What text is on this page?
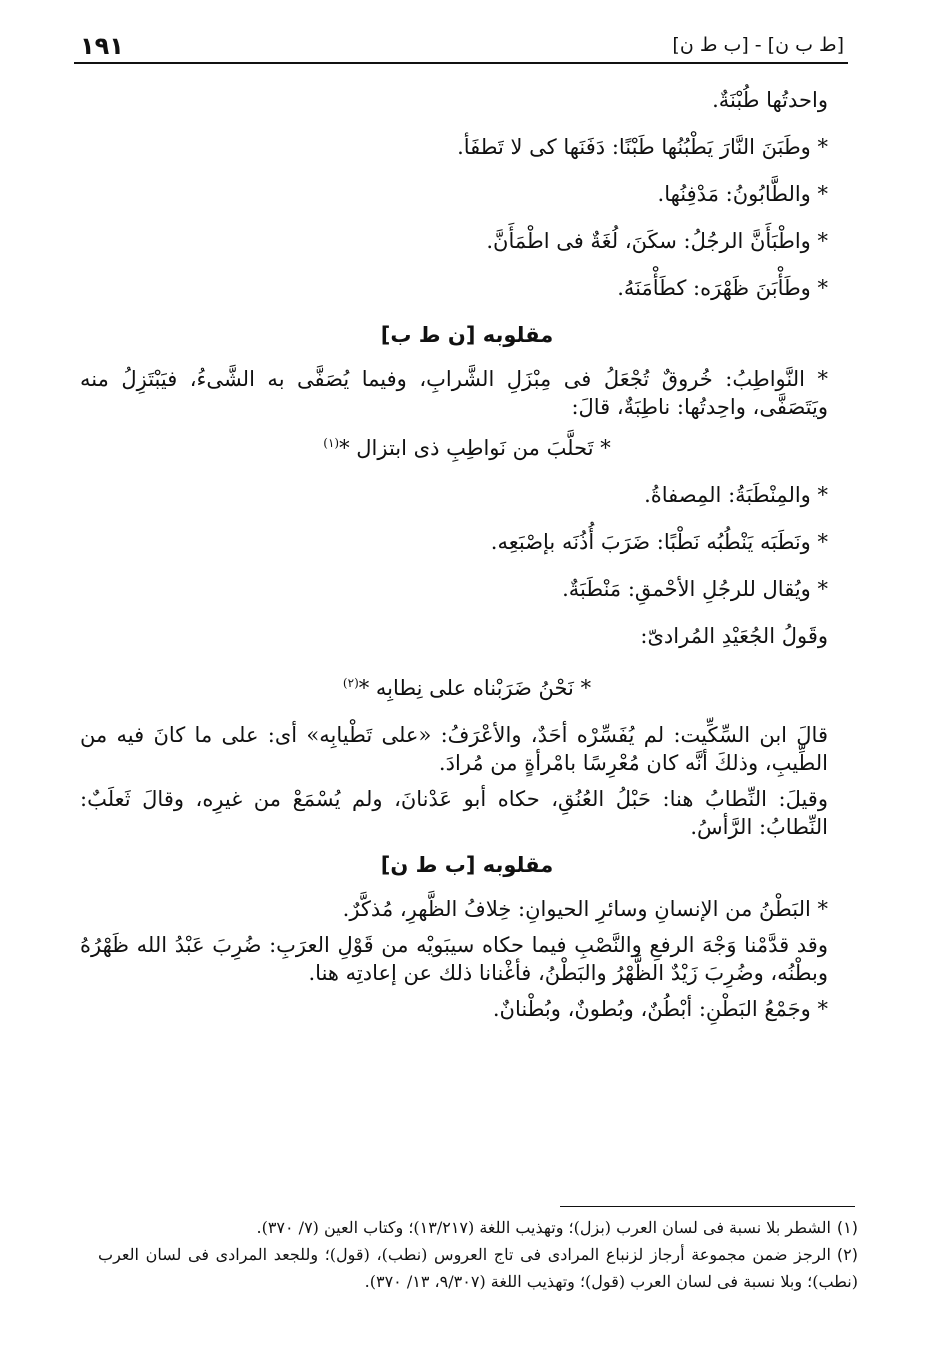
١٩١	[ط ب ن] - [ب ط ن]

واحدتُها طُبْنَةٌ.

* وطَبَنَ النَّارَ يَطْبُنُها طَبْنًا: دَفَنَها كى لا تَطفَأ.

* والطَّابُونُ: مَدْفِنُها.

* واطْبَأَنَّ الرجُلُ: سكَنَ، لُغَةٌ فى اطْمَأَنَّ.

* وطَأْبَنَ ظَهْرَه: كطَأْمَنَهُ.

مقلوبه [ن ط ب]

* النَّواطِبُ: خُروقٌ تُجْعَلُ فى مِبْزَلِ الشَّرابِ، وفيما يُصَفَّى به الشَّىءُ، فيَبْتَزِلُ منه ويَتَصَفَّى، واحِدتُها: ناطِبَةٌ، قالَ:

* تَحلَّبَ من نَواطِبِ ذى ابتزال *$^{(١)}$

* والمِنْطَبَةُ: المِصفاةُ.

* ونَطَبَه يَنْطُبُه نَطْبًا: ضَرَبَ أُذُنَه بإصْبَعِه.

* ويُقال للرجُلِ الأحْمقِ: مَنْطَبَةٌ.

وقَولُ الجُعَيْدِ المُرادىّ:

* نَحْنُ ضَرَبْناه على نِطابِه *$^{(٢)}$

قالَ ابن السِّكِّيت: لم يُفَسِّرْه أحَدٌ، والأعْرَفُ: «على تَطْيابِه» أى: على ما كانَ فيه من الطِّيبِ، وذلكَ أنَّه كان مُعْرِسًا بامْرأةٍ من مُرادَ.

وقيلَ: النِّطابُ هنا: حَبْلُ العُنُقِ، حكاه أبو عَدْنانَ، ولم يُسْمَعْ من غيرِه، وقالَ ثَعلَبٌ: النِّطابُ: الرَّأسُ.

مقلوبه [ب ط ن]

* البَطْنُ من الإنسانِ وسائرِ الحيوانِ: خِلافُ الظَّهرِ، مُذكَّرٌ.

وقد قدَّمْنا وَجْهَ الرفعِ والنَّصْبِ فيما حكاه سيبَويْه من قَوْلِ العرَبِ: ضُرِبَ عَبْدُ الله ظَهْرُهُ وبطْنُه، وضُرِبَ زَيْدٌ الظَّهْرُ والبَطْنُ، فأغْنانا ذلك عن إعادتِه هنا.

* وجَمْعُ البَطْنِ: أبْطُنٌ، وبُطونٌ، وبُطْنانٌ.

(١)الشطر بلا نسبة فى لسان العرب (بزل)؛ وتهذيب اللغة (١٣/٢١٧)؛ وكتاب العين (٧/ ٣٧٠).

(٢)الرجز ضمن مجموعة أرجاز لزنباع المرادى فى تاج العروس (نطب)، (قول)؛ وللجعد المرادى فى لسان العرب (نطب)؛ وبلا نسبة فى لسان العرب (قول)؛ وتهذيب اللغة (٩/٣٠٧، ١٣/ ٣٧٠).
